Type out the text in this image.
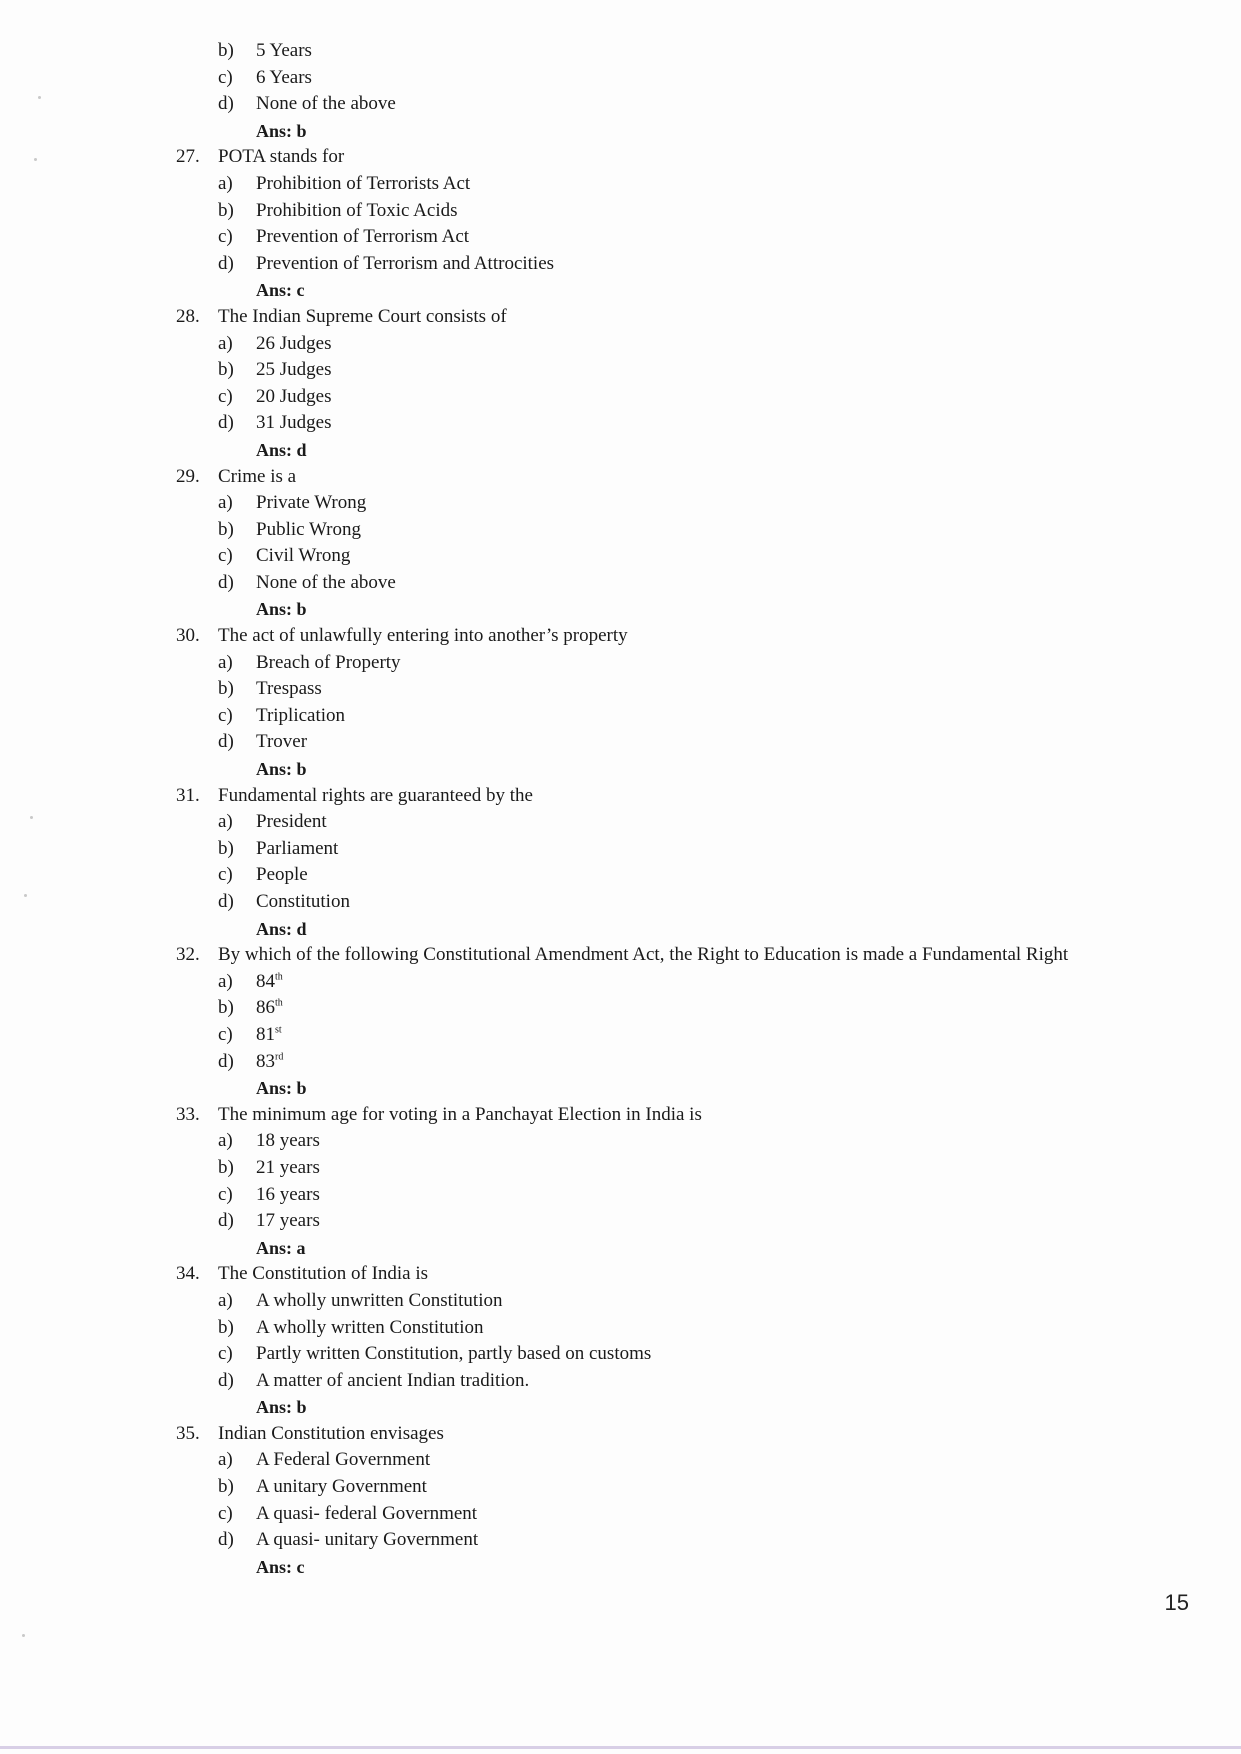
b)	5 Years
c)	6 Years
d)	None of the above
Ans: b
27. POTA stands for
a)	Prohibition of Terrorists Act
b)	Prohibition of Toxic Acids
c)	Prevention of Terrorism Act
d)	Prevention of Terrorism and Attrocities
Ans: c
28. The Indian Supreme Court consists of
a)	26 Judges
b)	25 Judges
c)	20 Judges
d)	31 Judges
Ans: d
29. Crime is a
a)	Private Wrong
b)	Public Wrong
c)	Civil Wrong
d)	None of the above
Ans: b
30. The act of unlawfully entering into another’s property
a)	Breach of Property
b)	Trespass
c)	Triplication
d)	Trover
Ans: b
31. Fundamental rights are guaranteed by the
a)	President
b)	Parliament
c)	People
d)	Constitution
Ans: d
32. By which of the following Constitutional Amendment Act, the Right to Education is made a Fundamental Right
a)	84th
b)	86th
c)	81st
d)	83rd
Ans: b
33. The minimum age for voting in a Panchayat Election in India is
a)	18 years
b)	21 years
c)	16 years
d)	17 years
Ans: a
34. The Constitution of India is
a)	A wholly unwritten Constitution
b)	A wholly written Constitution
c)	Partly written Constitution, partly based on customs
d)	A matter of ancient Indian tradition.
Ans: b
35. Indian Constitution envisages
a)	A Federal Government
b)	A unitary Government
c)	A quasi- federal Government
d)	A quasi- unitary Government
Ans: c
15
